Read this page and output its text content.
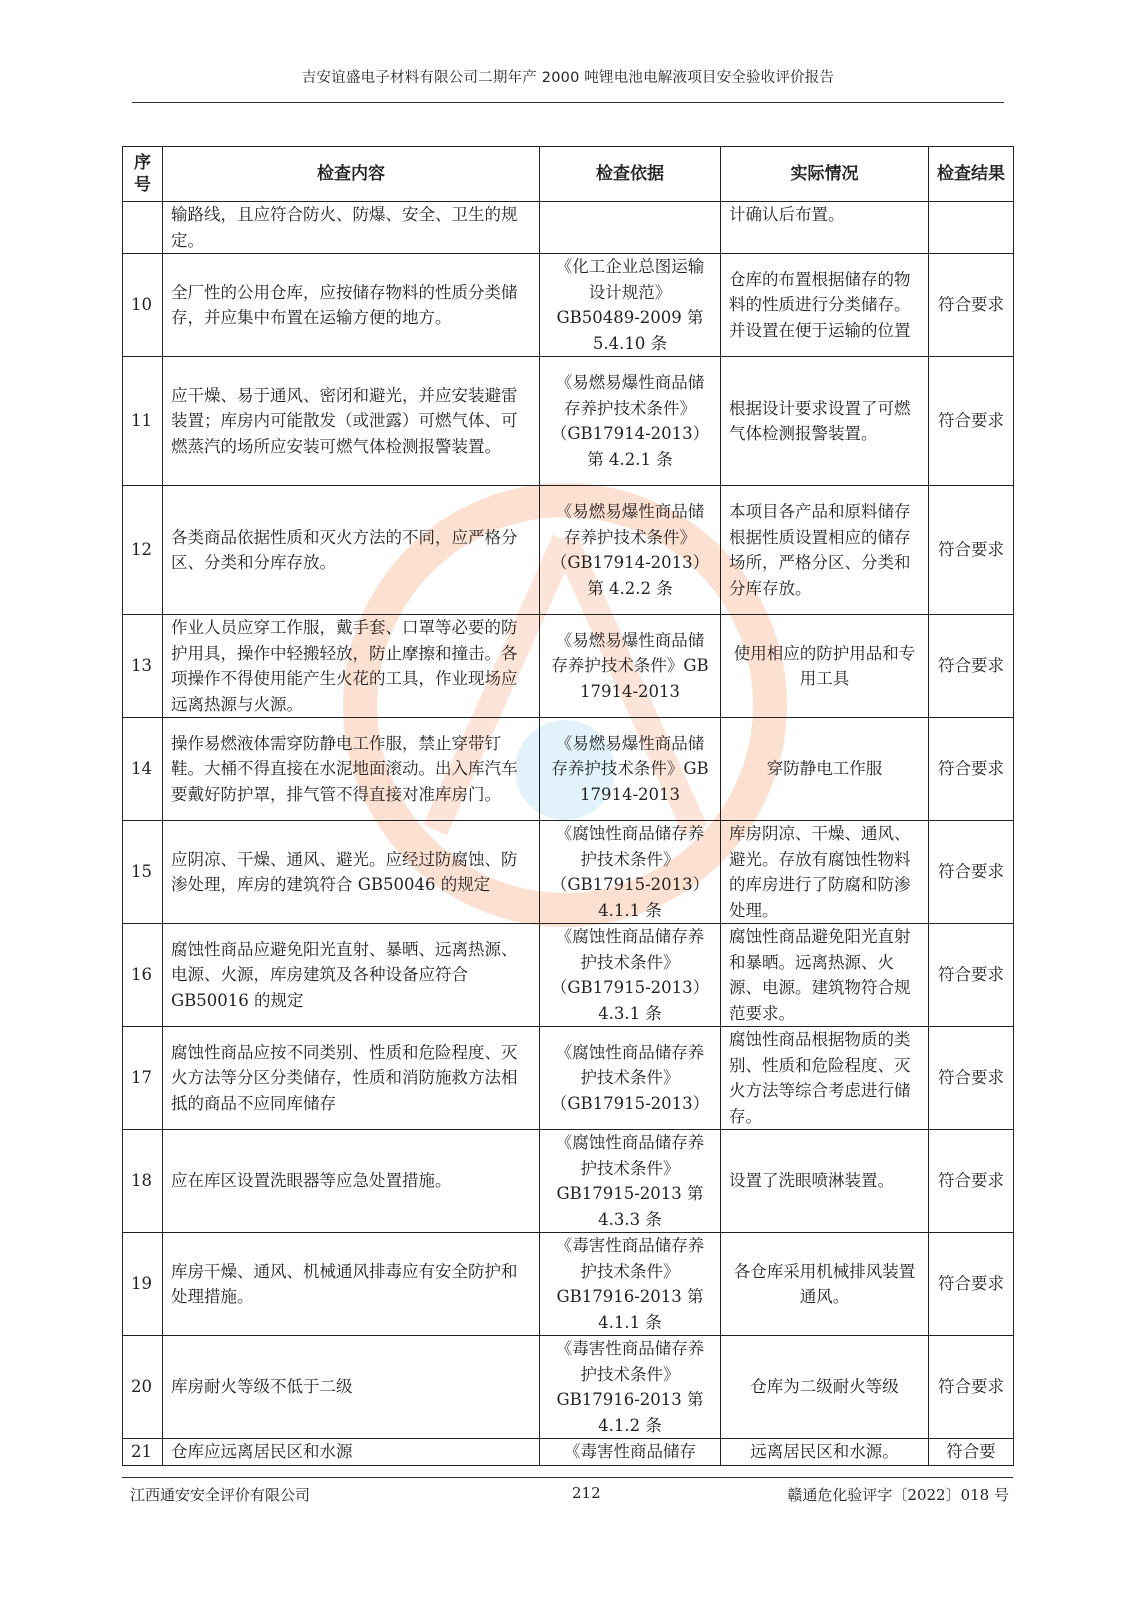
吉安谊盛电子材料有限公司二期年产 2000 吨锂电池电解液项目安全验收评价报告
序号	检查内容	检查依据	实际情况	检查结果
	输路线，且应符合防火、防爆、安全、卫生的规定。		计确认后布置。	
10	全厂性的公用仓库，应按储存物料的性质分类储存，并应集中布置在运输方便的地方。	《化工企业总图运输设计规范》GB50489-2009 第 5.4.10 条	仓库的布置根据储存的物料的性质进行分类储存。并设置在便于运输的位置	符合要求
11	应干燥、易于通风、密闭和避光，并应安装避雷装置；库房内可能散发（或泄露）可燃气体、可燃蒸汽的场所应安装可燃气体检测报警装置。	《易燃易爆性商品储存养护技术条件》（GB17914-2013）第 4.2.1 条	根据设计要求设置了可燃气体检测报警装置。	符合要求
12	各类商品依据性质和灭火方法的不同，应严格分区、分类和分库存放。	《易燃易爆性商品储存养护技术条件》（GB17914-2013）第 4.2.2 条	本项目各产品和原料储存根据性质设置相应的储存场所，严格分区、分类和分库存放。	符合要求
13	作业人员应穿工作服，戴手套、口罩等必要的防护用具，操作中轻搬轻放，防止摩擦和撞击。各项操作不得使用能产生火花的工具，作业现场应远离热源与火源。	《易燃易爆性商品储存养护技术条件》GB 17914-2013	使用相应的防护用品和专用工具	符合要求
14	操作易燃液体需穿防静电工作服，禁止穿带钉鞋。大桶不得直接在水泥地面滚动。出入库汽车要戴好防护罩，排气管不得直接对准库房门。	《易燃易爆性商品储存养护技术条件》GB 17914-2013	穿防静电工作服	符合要求
15	应阴凉、干燥、通风、避光。应经过防腐蚀、防渗处理，库房的建筑符合 GB50046 的规定	《腐蚀性商品储存养护技术条件》（GB17915-2013）4.1.1 条	库房阴凉、干燥、通风、避光。存放有腐蚀性物料的库房进行了防腐和防渗处理。	符合要求
16	腐蚀性商品应避免阳光直射、暴晒、远离热源、电源、火源，库房建筑及各种设备应符合 GB50016 的规定	《腐蚀性商品储存养护技术条件》（GB17915-2013）4.3.1 条	腐蚀性商品避免阳光直射和暴晒。远离热源、火源、电源。建筑物符合规范要求。	符合要求
17	腐蚀性商品应按不同类别、性质和危险程度、灭火方法等分区分类储存，性质和消防施救方法相抵的商品不应同库储存	《腐蚀性商品储存养护技术条件》（GB17915-2013）	腐蚀性商品根据物质的类别、性质和危险程度、灭火方法等综合考虑进行储存。	符合要求
18	应在库区设置洗眼器等应急处置措施。	《腐蚀性商品储存养护技术条件》GB17915-2013 第 4.3.3 条	设置了洗眼喷淋装置。	符合要求
19	库房干燥、通风、机械通风排毒应有安全防护和处理措施。	《毒害性商品储存养护技术条件》GB17916-2013 第 4.1.1 条	各仓库采用机械排风装置通风。	符合要求
20	库房耐火等级不低于二级	《毒害性商品储存养护技术条件》GB17916-2013 第 4.1.2 条	仓库为二级耐火等级	符合要求
21	仓库应远离居民区和水源	《毒害性商品储存	远离居民区和水源。	符合要
江西通安安全评价有限公司	212	赣通危化验评字〔2022〕018 号
